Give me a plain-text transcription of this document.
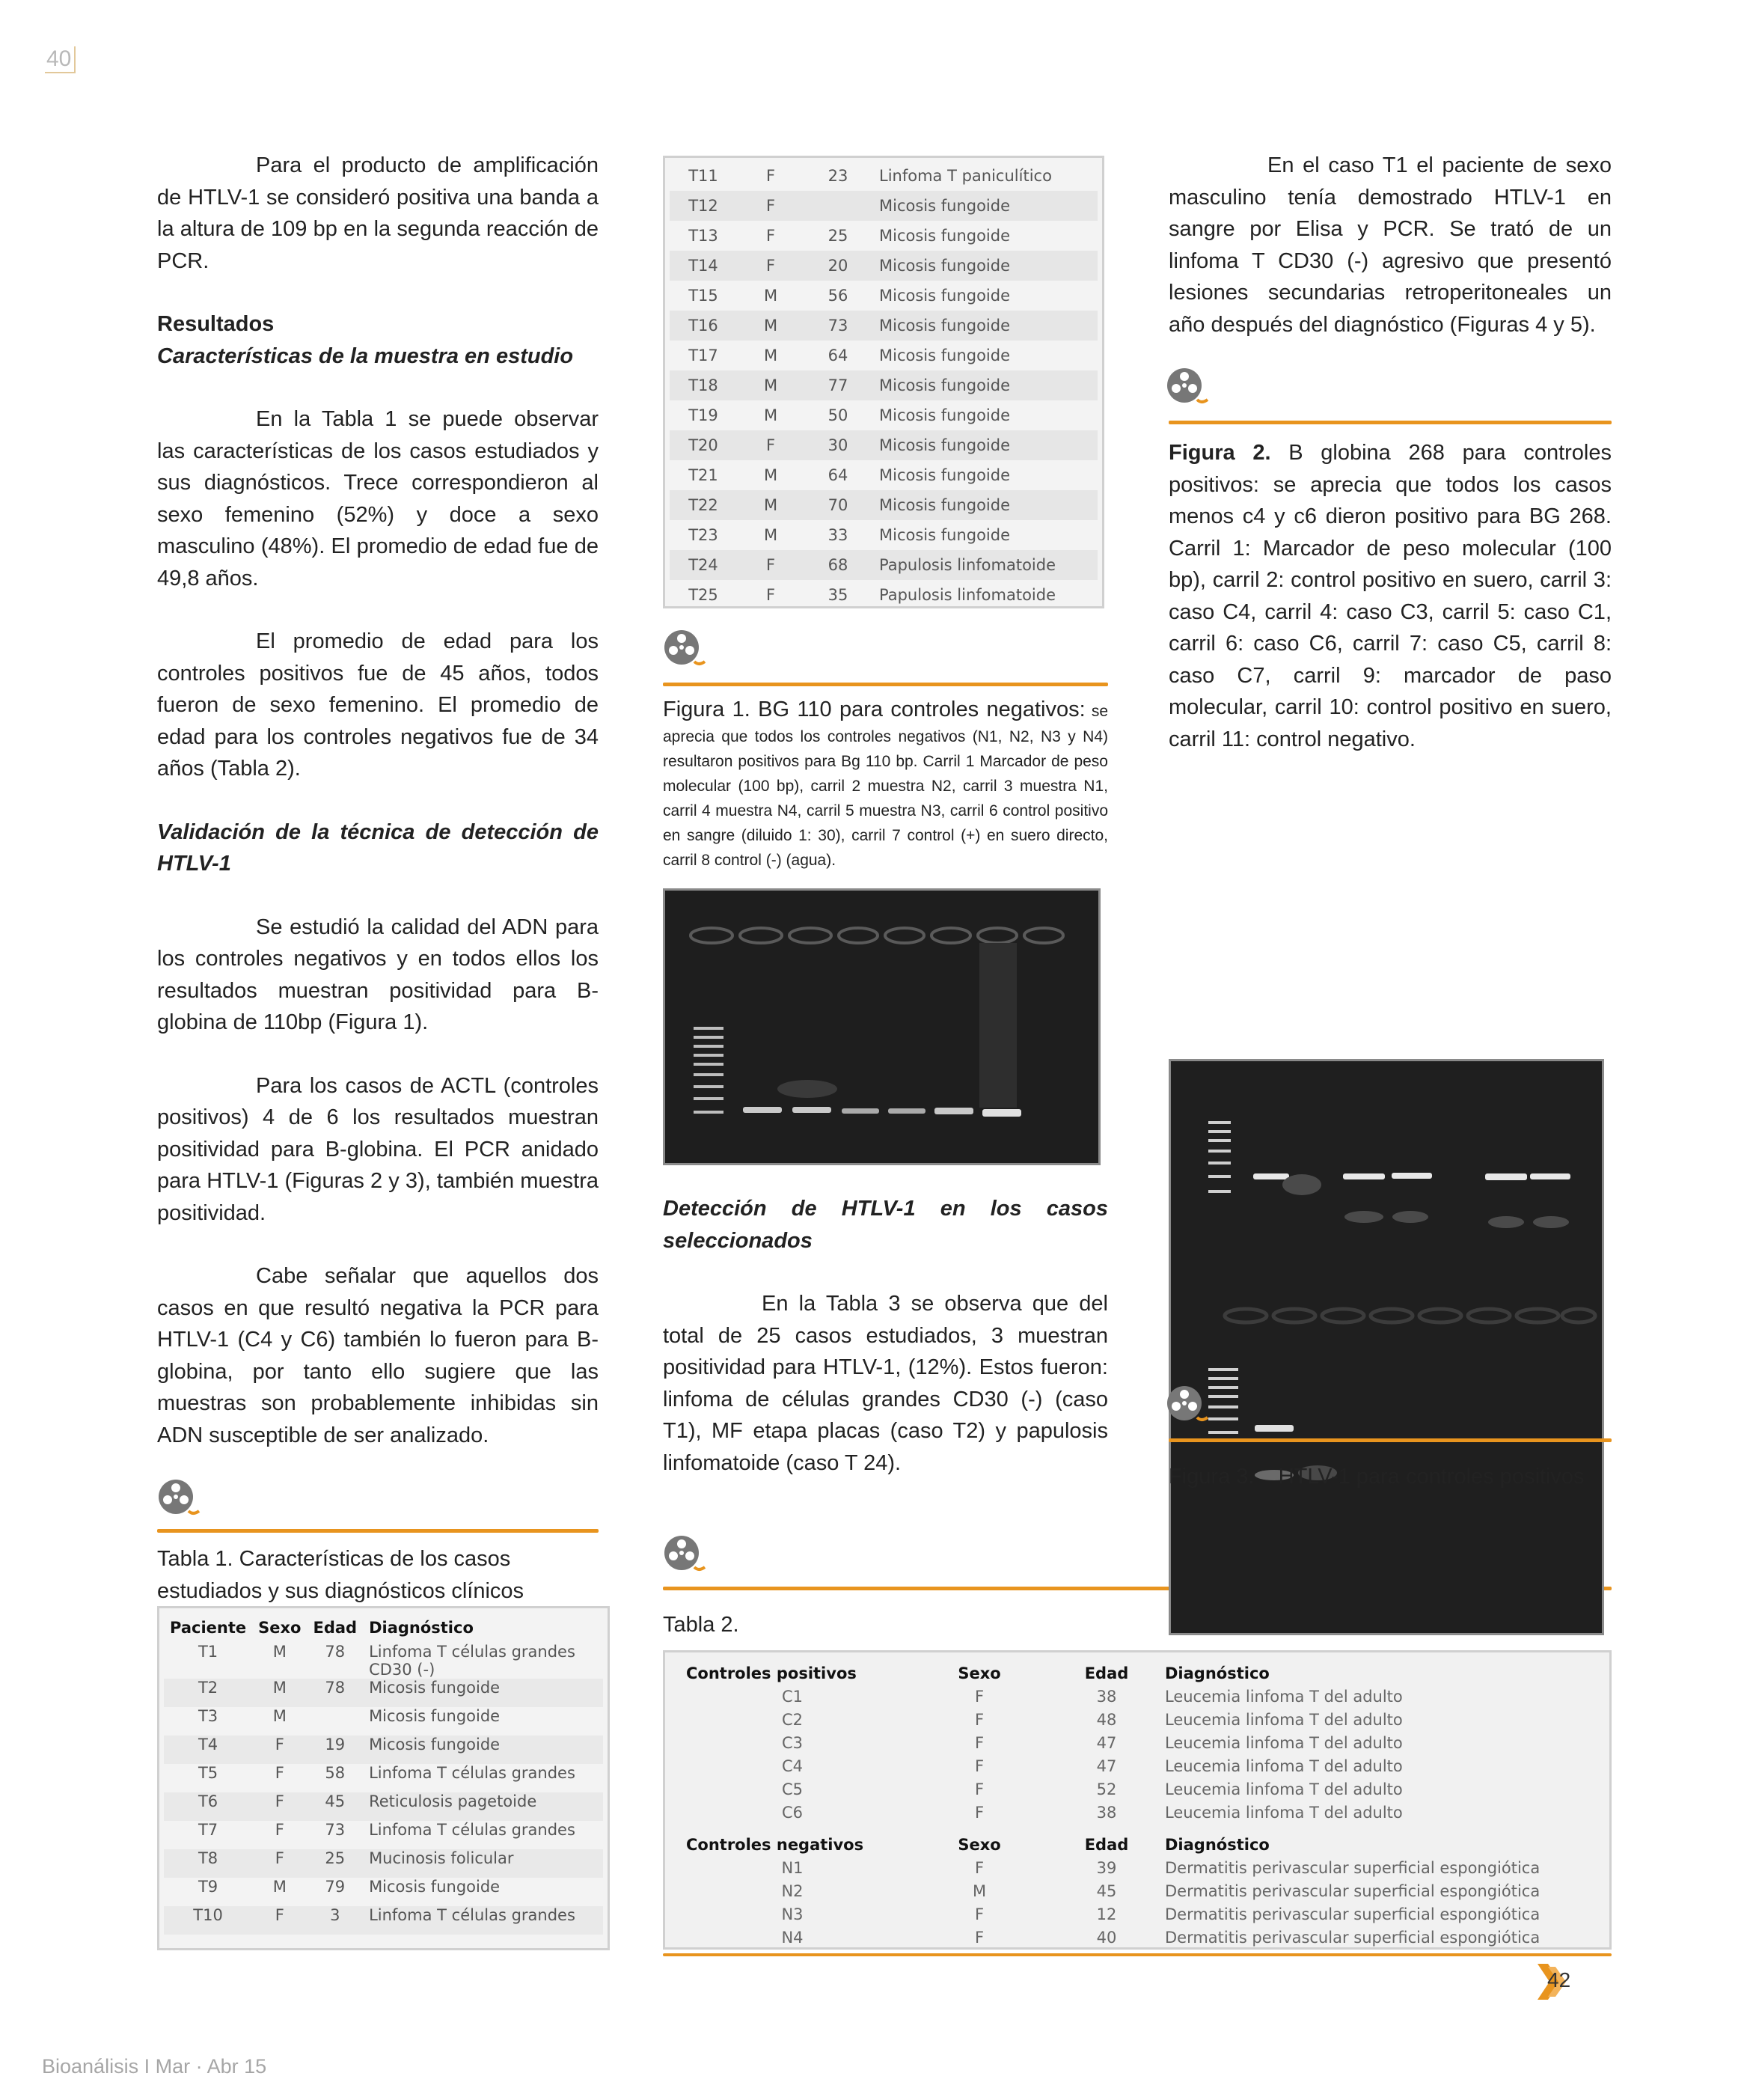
40
Bioanálisis I Mar · Abr 15
42

Para el producto de amplificación de HTLV-1 se consideró positiva una banda a la altura de 109 bp en la segunda reacción de PCR.

Resultados

Características de la muestra en estudio

En la Tabla 1 se puede observar las características de los casos estudiados y sus diagnósticos. Trece correspondieron al sexo femenino (52%) y doce a sexo masculino (48%). El promedio de edad fue de 49,8 años.

El promedio de edad para los controles positivos fue de 45 años, todos fueron de sexo femenino. El promedio de edad para los controles negativos fue de 34 años (Tabla 2).

Validación de la técnica de detección de HTLV-1

Se estudió la calidad del ADN para los controles negativos y en todos ellos los resultados muestran positividad para B-globina de 110bp (Figura 1).

Para los casos de ACTL (controles positivos) 4 de 6 los resultados muestran positividad para B-globina. El PCR anidado para HTLV-1 (Figuras 2 y 3), también muestra positividad.

Cabe señalar que aquellos dos casos en que resultó negativa la PCR para HTLV-1 (C4 y C6) también lo fueron para B-globina, por tanto ello sugiere que las muestras son probablemente inhibidas sin ADN susceptible de ser analizado.

Tabla 1. Características de los casos estudiados y sus diagnósticos clínicos
Paciente	Sexo	Edad	Diagnóstico
T1	M	78	Linfoma T células grandes CD30 (-)
T2	M	78	Micosis fungoide
T3	M		Micosis fungoide
T4	F	19	Micosis fungoide
T5	F	58	Linfoma T células grandes
T6	F	45	Reticulosis pagetoide
T7	F	73	Linfoma T células grandes
T8	F	25	Mucinosis folicular
T9	M	79	Micosis fungoide
T10	F	3	Linfoma T células grandes
T11	F	23	Linfoma T paniculítico
T12	F		Micosis fungoide
T13	F	25	Micosis fungoide
T14	F	20	Micosis fungoide
T15	M	56	Micosis fungoide
T16	M	73	Micosis fungoide
T17	M	64	Micosis fungoide
T18	M	77	Micosis fungoide
T19	M	50	Micosis fungoide
T20	F	30	Micosis fungoide
T21	M	64	Micosis fungoide
T22	M	70	Micosis fungoide
T23	M	33	Micosis fungoide
T24	F	68	Papulosis linfomatoide
T25	F	35	Papulosis linfomatoide
Figura 1. BG 110 para controles negativos: se aprecia que todos los controles negativos (N1, N2, N3 y N4) resultaron positivos para Bg 110 bp. Carril 1 Marcador de peso molecular (100 bp), carril 2 muestra N2, carril 3 muestra N1, carril 4 muestra N4, carril 5 muestra N3, carril 6 control positivo en sangre (diluido 1: 30), carril 7 control (+) en suero directo, carril 8 control (-) (agua).

Detección de HTLV-1 en los casos seleccionados

En la Tabla 3 se observa que del total de 25 casos estudiados, 3 muestran positividad para HTLV-1, (12%). Estos fueron: linfoma de células grandes CD30 (-) (caso T1), MF etapa placas (caso T2) y papulosis linfomatoide (caso T 24).

Tabla 2.
Controles positivos	Sexo	Edad	Diagnóstico
C1	F	38	Leucemia linfoma T del adulto
C2	F	48	Leucemia linfoma T del adulto
C3	F	47	Leucemia linfoma T del adulto
C4	F	47	Leucemia linfoma T del adulto
C5	F	52	Leucemia linfoma T del adulto
C6	F	38	Leucemia linfoma T del adulto

Controles negativos	Sexo	Edad	Diagnóstico
N1	F	39	Dermatitis perivascular superficial espongiótica
N2	M	45	Dermatitis perivascular superficial espongiótica
N3	F	12	Dermatitis perivascular superficial espongiótica
N4	F	40	Dermatitis perivascular superficial espongiótica

En el caso T1 el paciente de sexo masculino tenía demostrado HTLV-1 en sangre por Elisa y PCR. Se trató de un linfoma T CD30 (-) agresivo que presentó lesiones secundarias retroperitoneales un año después del diagnóstico (Figuras 4 y 5).

Figura 2. B globina 268 para controles positivos: se aprecia que todos los casos menos c4 y c6 dieron positivo para BG 268. Carril 1: Marcador de peso molecular (100 bp), carril 2: control positivo en suero, carril 3: caso C4, carril 4: caso C3, carril 5: caso C1, carril 6: caso C6, carril 7: caso C5, carril 8: caso C7, carril 9: marcador de paso molecular, carril 10: control positivo en suero, carril 11: control negativo.
Figura 3.    HTLV-1 para controles positivos
